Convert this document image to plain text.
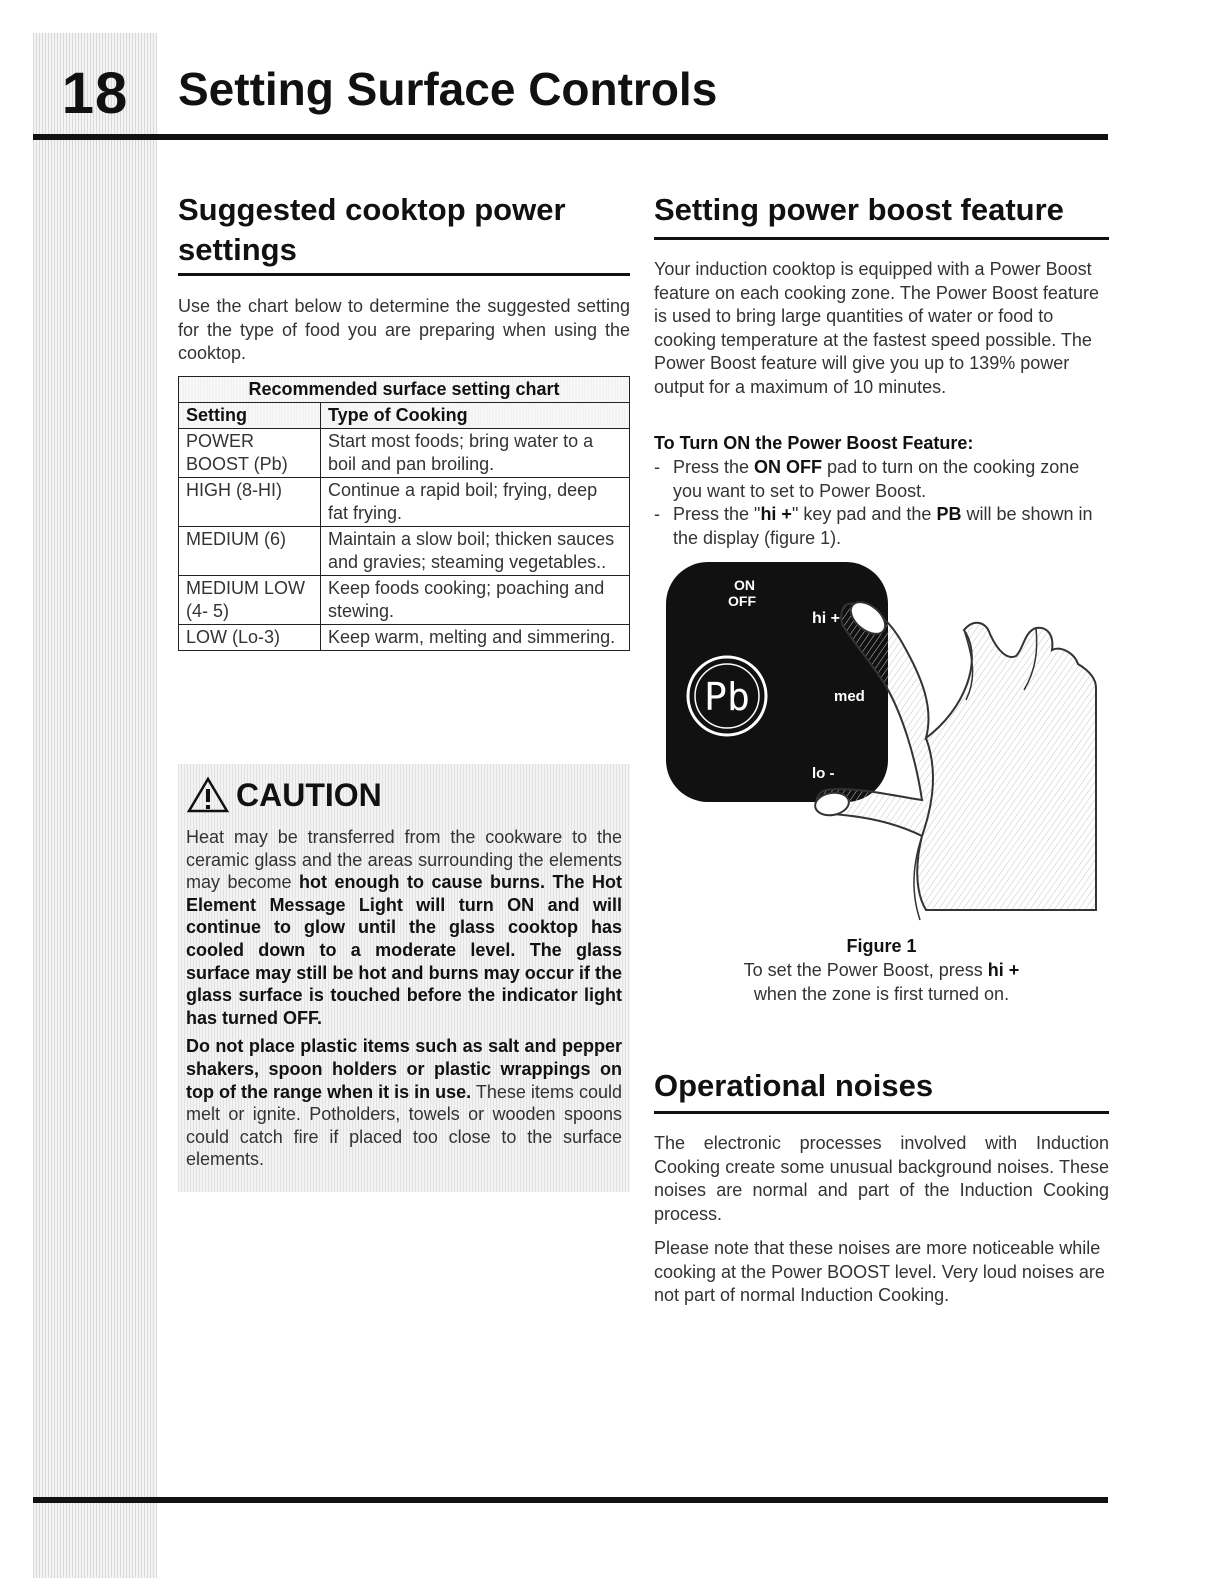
18	Setting Surface Controls
Suggested cooktop power
settings
Use the chart below to determine the suggested setting for the type of food you are preparing when using the cooktop.
Recommended surface setting chart	
Setting	Type of Cooking
POWER BOOST (Pb)	Start most foods; bring water to a boil and pan broiling.
HIGH (8-HI)	Continue a rapid boil; frying, deep fat frying.
MEDIUM (6)	Maintain a slow boil; thicken sauces and gravies; steaming vegetables..
MEDIUM LOW (4- 5)	Keep foods cooking; poaching and stewing.
LOW (Lo-3)	Keep warm, melting and simmering.
CAUTION

Heat may be transferred from the cookware to the ceramic glass and the areas surrounding the elements may become hot enough to cause burns. The Hot Element Message Light will turn ON and will continue to glow until the glass cooktop has cooled down to a moderate level. The glass surface may still be hot and burns may occur if the glass surface is touched before the indicator light has turned OFF.

Do not place plastic items such as salt and pepper shakers, spoon holders or plastic wrappings on top of the range when it is in use. These items could melt or ignite. Potholders, towels or wooden spoons could catch fire if placed too close to the surface elements.

Setting power boost feature
Your induction cooktop is equipped with a Power Boost feature on each cooking zone. The Power Boost feature is used to bring large quantities of water or food to cooking temperature at the fastest speed possible. The Power Boost feature will give you up to 139% power output for a maximum of 10 minutes.
To Turn ON the Power Boost Feature:
- Press the ON OFF pad to turn on the cooking zone you want to set to Power Boost.
- Press the "hi +" key pad and the PB will be shown in the display (figure 1).
ON
OFF
hi +
med
lo -
Pb
Figure 1
To set the Power Boost, press hi +
when the zone is first turned on.
Operational noises
The electronic processes involved with Induction Cooking create some unusual background noises. These noises are normal and part of the Induction Cooking process.
Please note that these noises are more noticeable while cooking at the Power BOOST level. Very loud noises are not part of normal Induction Cooking.
